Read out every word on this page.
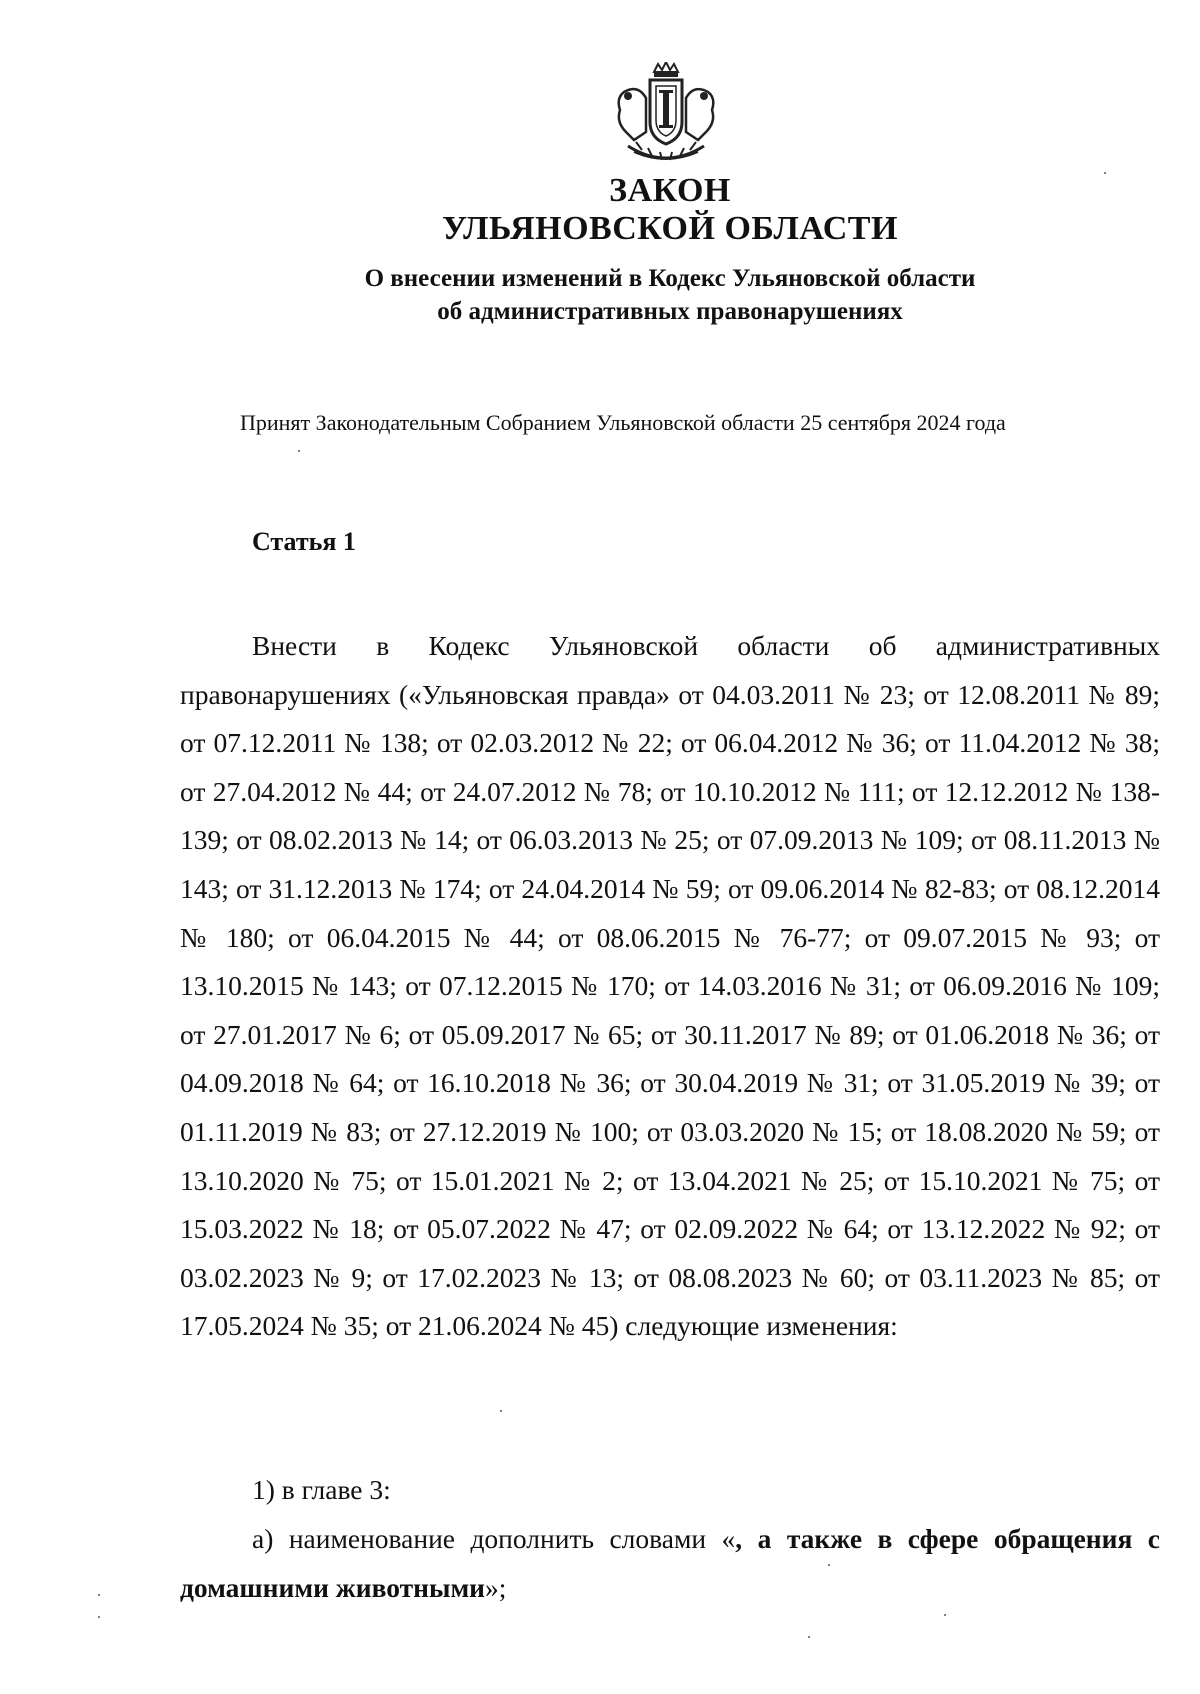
ЗАКОН
УЛЬЯНОВСКОЙ ОБЛАСТИ
О внесении изменений в Кодекс Ульяновской области
об административных правонарушениях
Принят Законодательным Собранием Ульяновской области 25 сентября 2024 года
Статья 1

Внести в Кодекс Ульяновской области об административных правонарушениях («Ульяновская правда» от 04.03.2011 № 23; от 12.08.2011 № 89; от 07.12.2011 № 138; от 02.03.2012 № 22; от 06.04.2012 № 36; от 11.04.2012 № 38; от 27.04.2012 № 44; от 24.07.2012 № 78; от 10.10.2012 № 111; от 12.12.2012 № 138-139; от 08.02.2013 № 14; от 06.03.2013 № 25; от 07.09.2013 № 109; от 08.11.2013 № 143; от 31.12.2013 № 174; от 24.04.2014 № 59; от 09.06.2014 № 82-83; от 08.12.2014 № 180; от 06.04.2015 № 44; от 08.06.2015 № 76-77; от 09.07.2015 № 93; от 13.10.2015 № 143; от 07.12.2015 № 170; от 14.03.2016 № 31; от 06.09.2016 № 109; от 27.01.2017 № 6; от 05.09.2017 № 65; от 30.11.2017 № 89; от 01.06.2018 № 36; от 04.09.2018 № 64; от 16.10.2018 № 36; от 30.04.2019 № 31; от 31.05.2019 № 39; от 01.11.2019 № 83; от 27.12.2019 № 100; от 03.03.2020 № 15; от 18.08.2020 № 59; от 13.10.2020 № 75; от 15.01.2021 № 2; от 13.04.2021 № 25; от 15.10.2021 № 75; от 15.03.2022 № 18; от 05.07.2022 № 47; от 02.09.2022 № 64; от 13.12.2022 № 92; от 03.02.2023 № 9; от 17.02.2023 № 13; от 08.08.2023 № 60; от 03.11.2023 № 85; от 17.05.2024 № 35; от 21.06.2024 № 45) следующие изменения:

1) в главе 3:

а) наименование дополнить словами «, а также в сфере обращения с домашними животными»;
